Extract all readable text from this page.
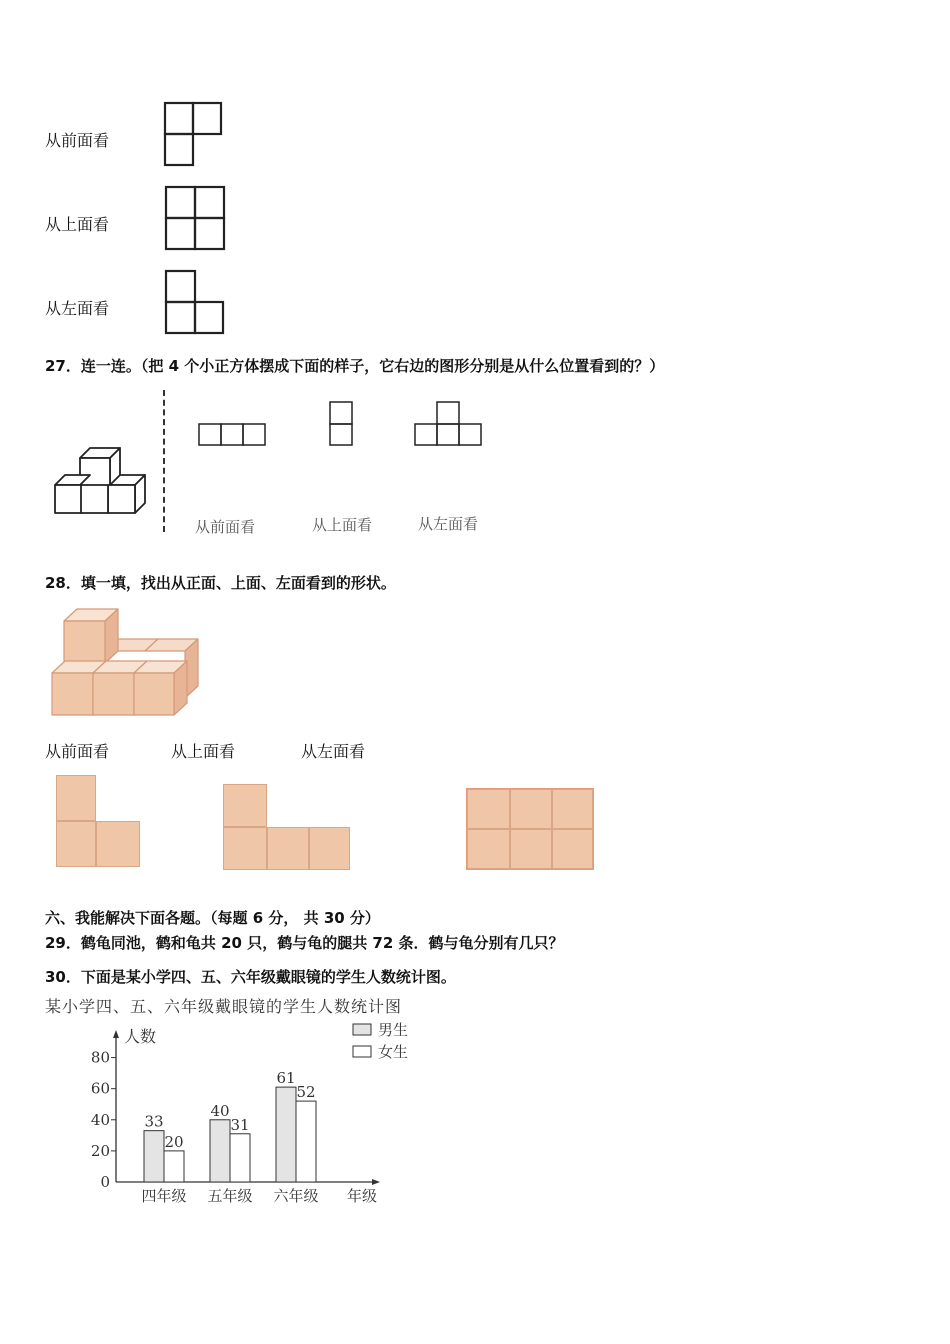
从前面看
从上面看
从左面看
27．连一连。（把 4 个小正方体摆成下面的样子，它右边的图形分别是从什么位置看到的？）
从前面看	从上面看	从左面看
28．填一填，找出从正面、上面、左面看到的形状。
从前面看	从上面看	从左面看
六、我能解决下面各题。（每题 6 分， 共 30 分）
29．鹤龟同池，鹤和龟共 20 只，鹤与龟的腿共 72 条．鹤与龟分别有几只？
30．下面是某小学四、五、六年级戴眼镜的学生人数统计图。
某小学四、五、六年级戴眼镜的学生人数统计图
0
20
40
60
80
人数
33
20
四年级
40
31
五年级
61
52
六年级 年级
男生
女生
